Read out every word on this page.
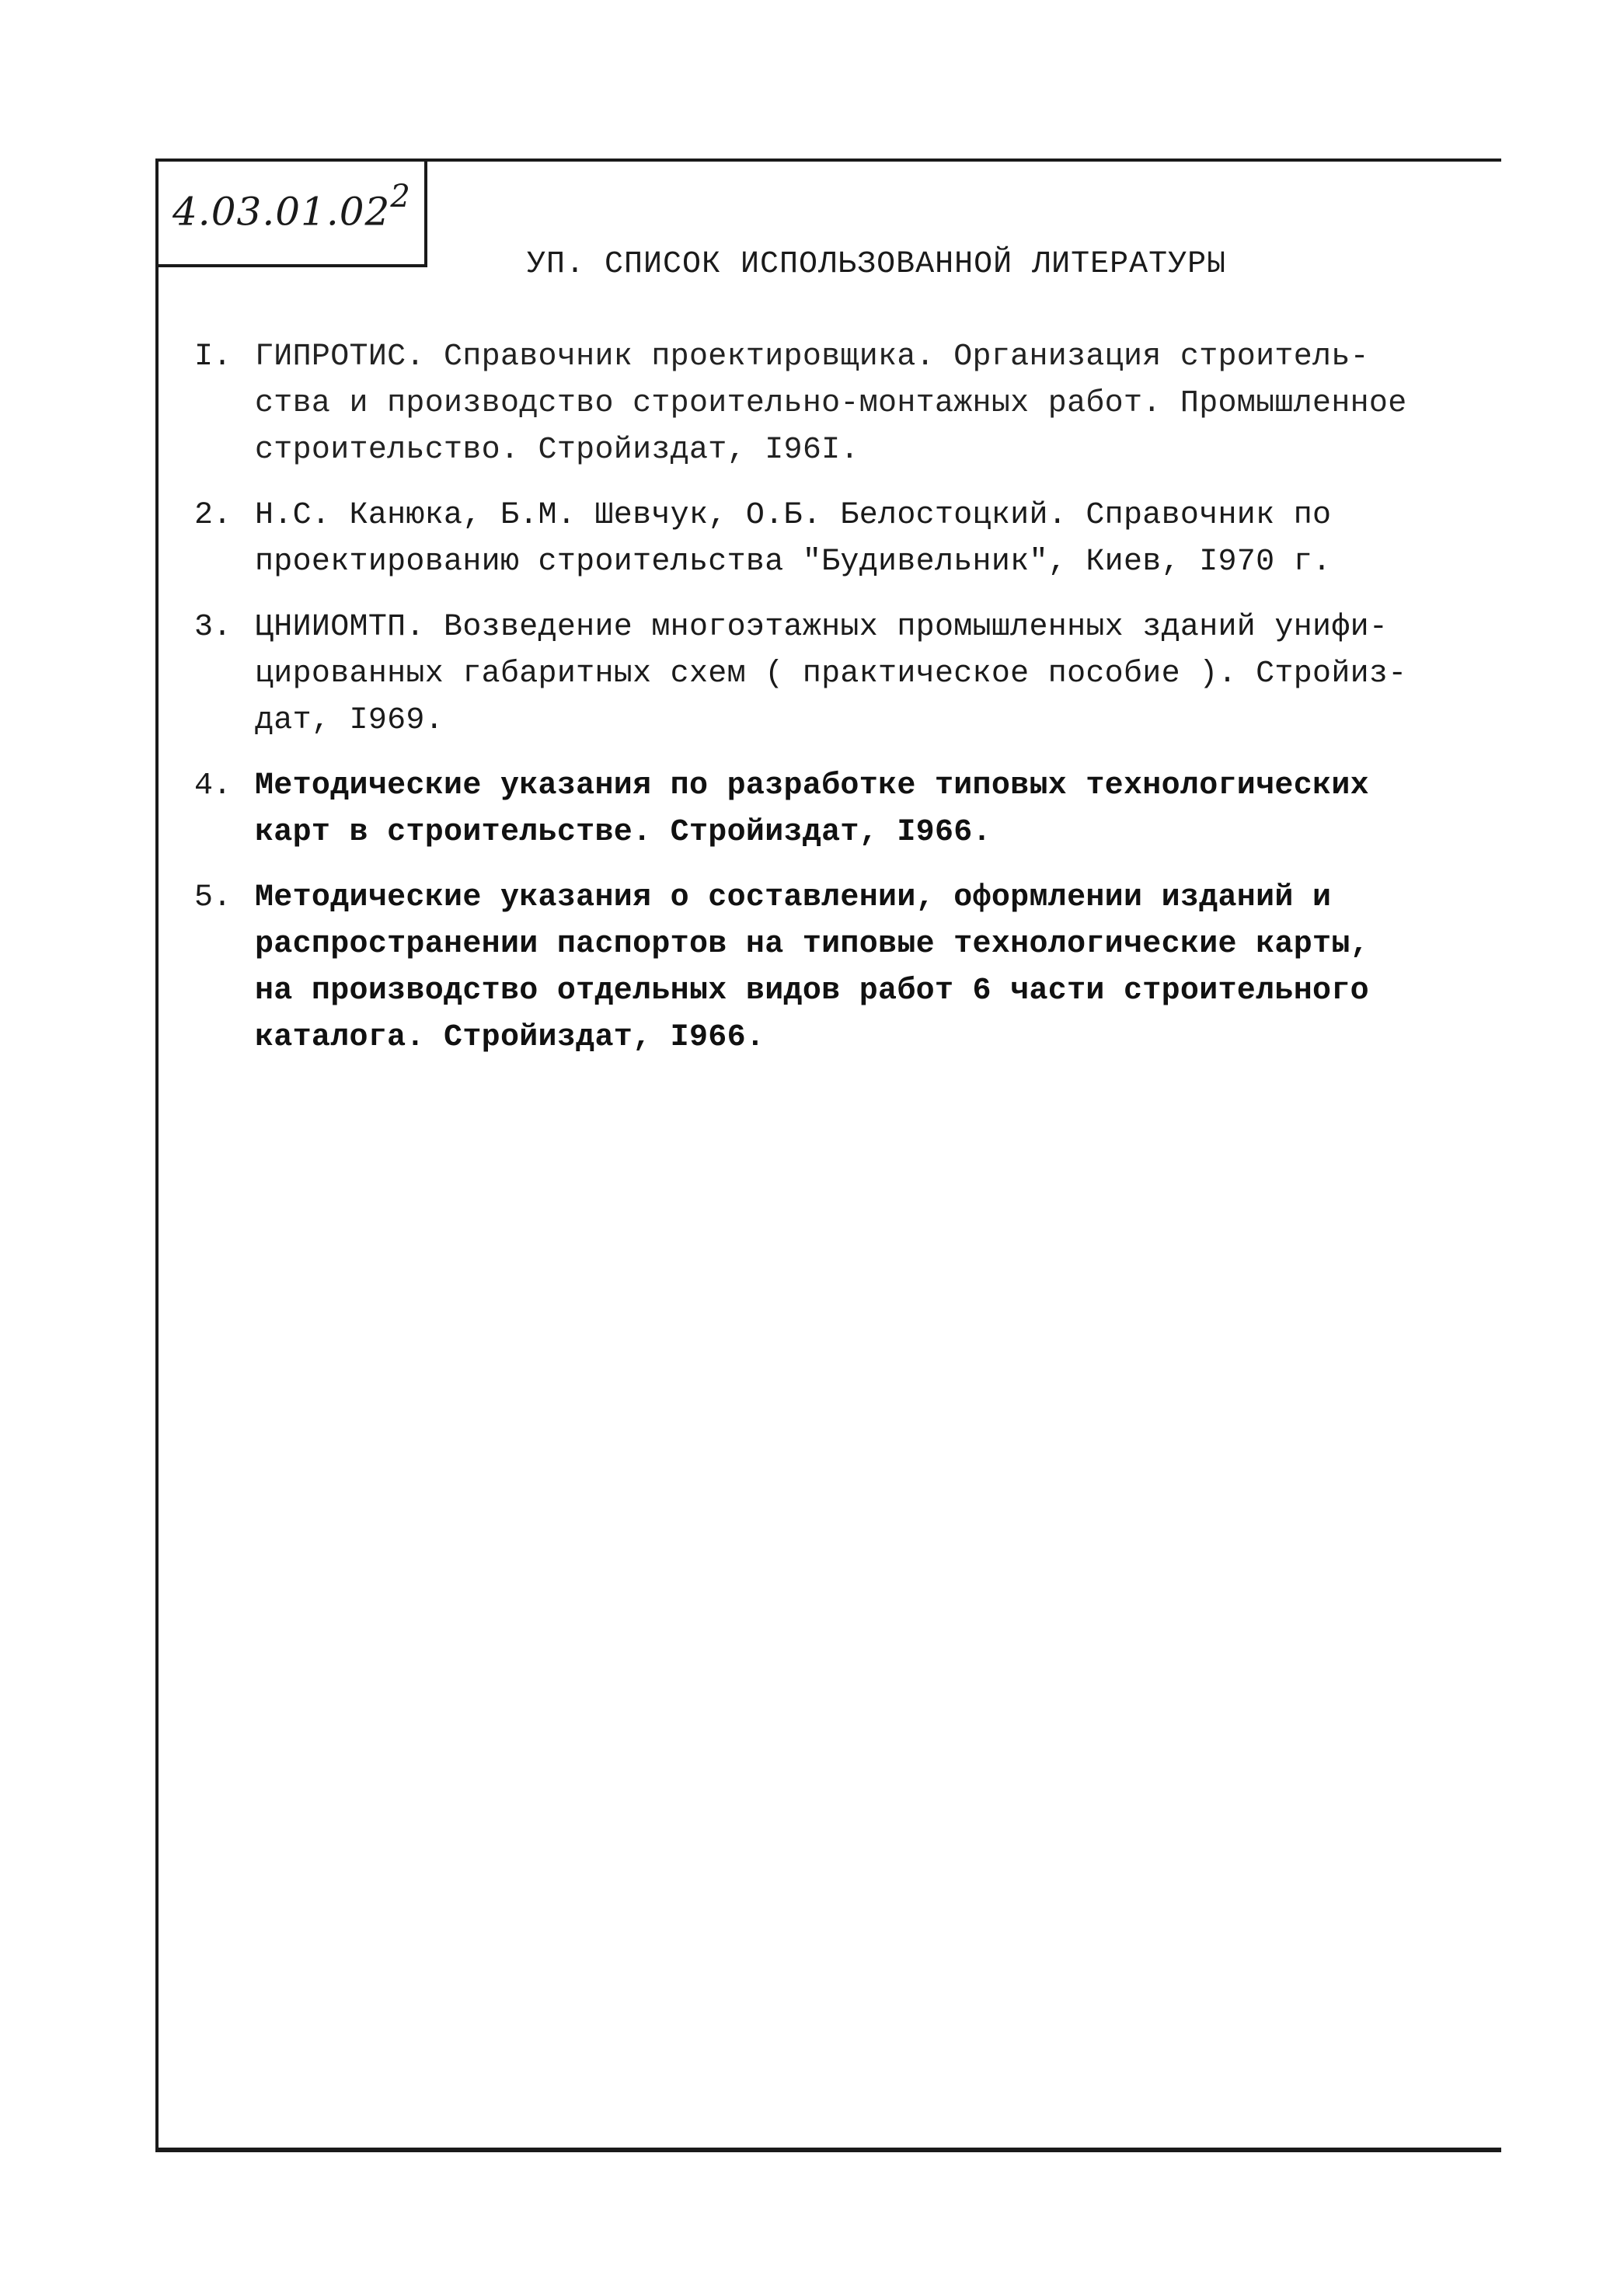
4.03.01.02$^2$
УП. СПИСОК ИСПОЛЬЗОВАННОЙ ЛИТЕРАТУРЫ
I. ГИПРОТИС. Справочник проектировщика. Организация строитель-
ства и производство строительно-монтажных работ. Промышленное
строительство. Стройиздат, I96I.
2. Н.С. Канюка, Б.М. Шевчук, О.Б. Белостоцкий. Справочник по
проектированию строительства "Будивельник", Киев, I970 г.
3. ЦНИИОМТП. Возведение многоэтажных промышленных зданий унифи-
цированных габаритных схем ( практическое пособие ). Стройиз-
дат, I969.
4. Методические указания по разработке типовых технологических
карт в строительстве. Стройиздат, I966.
5. Методические указания о составлении, оформлении изданий и
распространении паспортов на типовые технологические карты,
на производство отдельных видов работ 6 части строительного
каталога. Стройиздат, I966.
